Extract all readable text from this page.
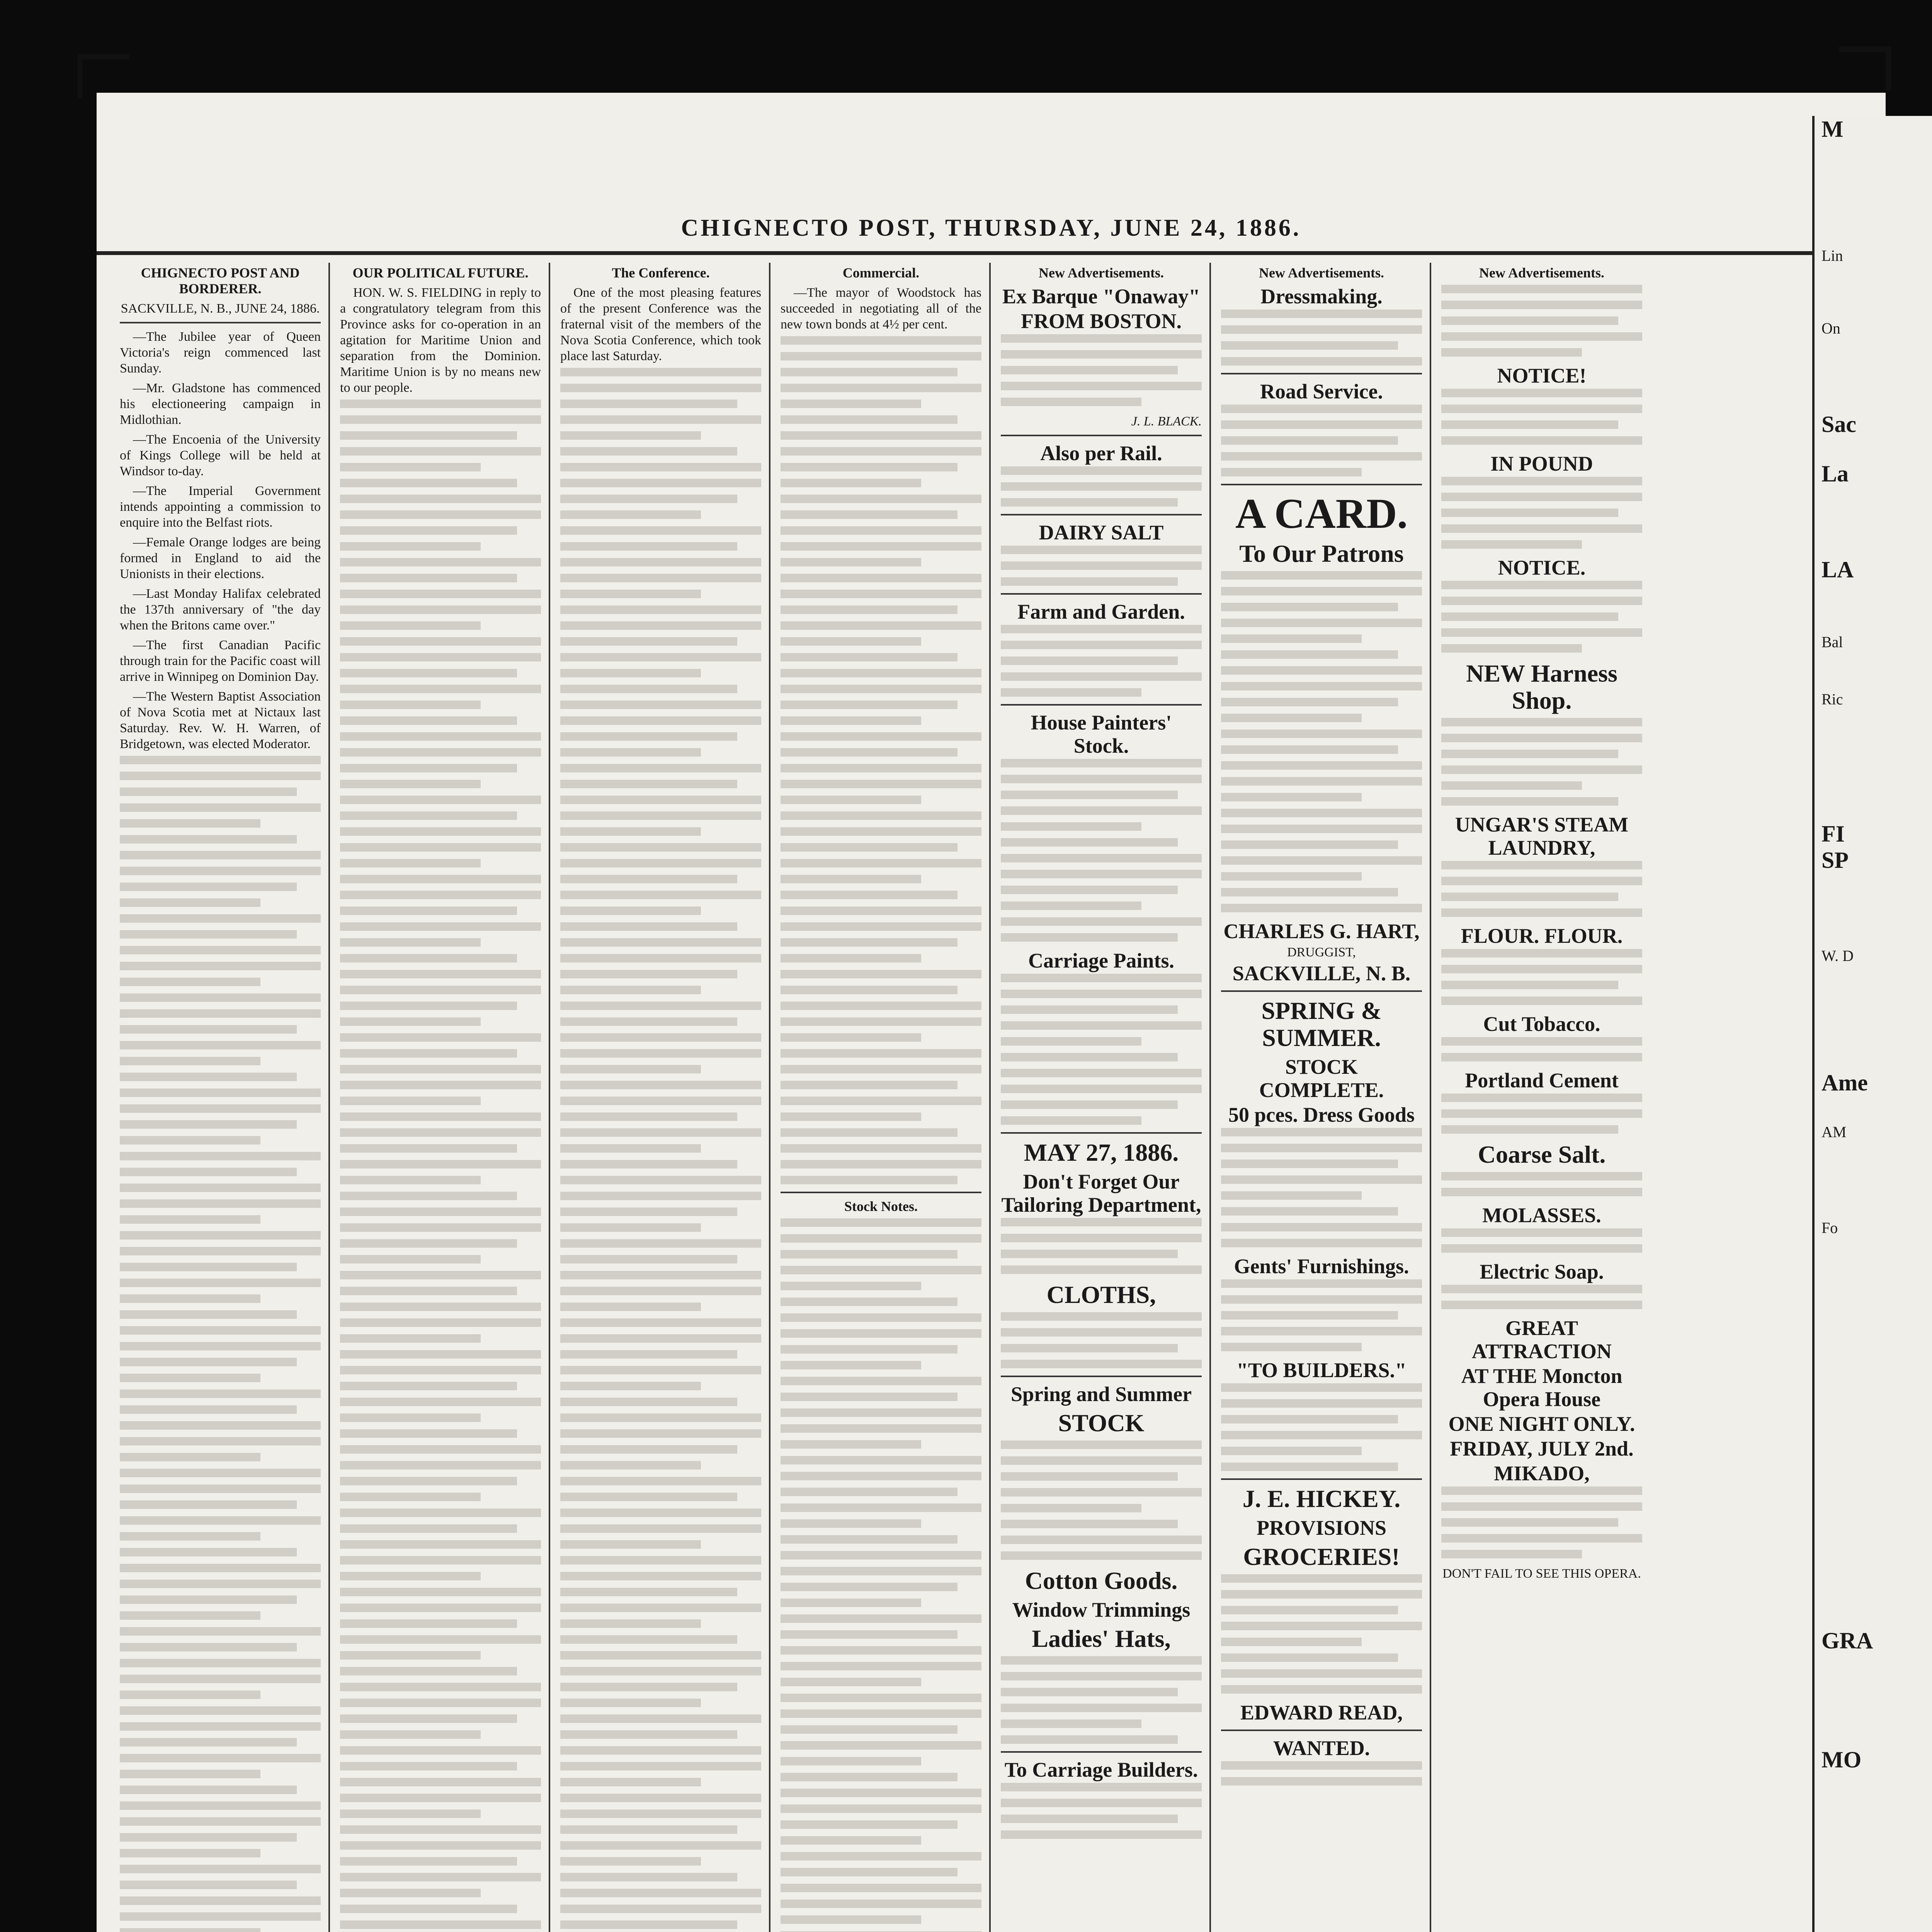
CHIGNECTO POST, THURSDAY, JUNE 24, 1886.
CHIGNECTO POST AND BORDERER.

SACKVILLE, N. B., JUNE 24, 1886.

—The Jubilee year of Queen Victoria's reign commenced last Sunday.

—Mr. Gladstone has commenced his electioneering campaign in Midlothian.

—The Encoenia of the University of Kings College will be held at Windsor to-day.

—The Imperial Government intends appointing a commission to enquire into the Belfast riots.

—Female Orange lodges are being formed in England to aid the Unionists in their elections.

—Last Monday Halifax celebrated the 137th anniversary of "the day when the Britons came over."

—The first Canadian Pacific through train for the Pacific coast will arrive in Winnipeg on Dominion Day.

—The Western Baptist Association of Nova Scotia met at Nictaux last Saturday. Rev. W. H. Warren, of Bridgetown, was elected Moderator.

OUR POLITICAL FUTURE.

HON. W. S. FIELDING in reply to a congratulatory telegram from this Province asks for co-operation in an agitation for Maritime Union and separation from the Dominion. Maritime Union is by no means new to our people.

The Conference.

One of the most pleasing features of the present Conference was the fraternal visit of the members of the Nova Scotia Conference, which took place last Saturday.

Commercial.

—The mayor of Woodstock has succeeded in negotiating all of the new town bonds at 4½ per cent.

Stock Notes.
New Advertisements.

Ex Barque "Onaway"

FROM BOSTON.

J. L. BLACK.

Also per Rail.

DAIRY SALT

Farm and Garden.

House Painters' Stock.

Carriage Paints.

MAY 27, 1886.

Don't Forget Our Tailoring Department,

CLOTHS,

Spring and Summer

STOCK
Cotton Goods.

Window Trimmings

Ladies' Hats,

To Carriage Builders.

New Advertisements.

Dressmaking.

Road Service.

A CARD.
To Our Patrons

CHARLES G. HART,

DRUGGIST,

SACKVILLE, N. B.

SPRING & SUMMER.

STOCK COMPLETE.

50 pces. Dress Goods

Gents' Furnishings.

"TO BUILDERS."

J. E. HICKEY.

PROVISIONS

GROCERIES!

EDWARD READ,

WANTED.

New Advertisements.

NOTICE!

IN POUND

NOTICE.

NEW Harness Shop.

UNGAR'S STEAM LAUNDRY,

FLOUR. FLOUR.

Cut Tobacco.

Portland Cement

Coarse Salt.

MOLASSES.

Electric Soap.

GREAT ATTRACTION

AT THE Moncton Opera House

ONE NIGHT ONLY.

FRIDAY, JULY 2nd.

MIKADO,

DON'T FAIL TO SEE THIS OPERA.

M
Lin
On
Sac
La
LA
Bal
Ric
FI
SP
W. D
Ame
AM
Fo
GRA
MO
